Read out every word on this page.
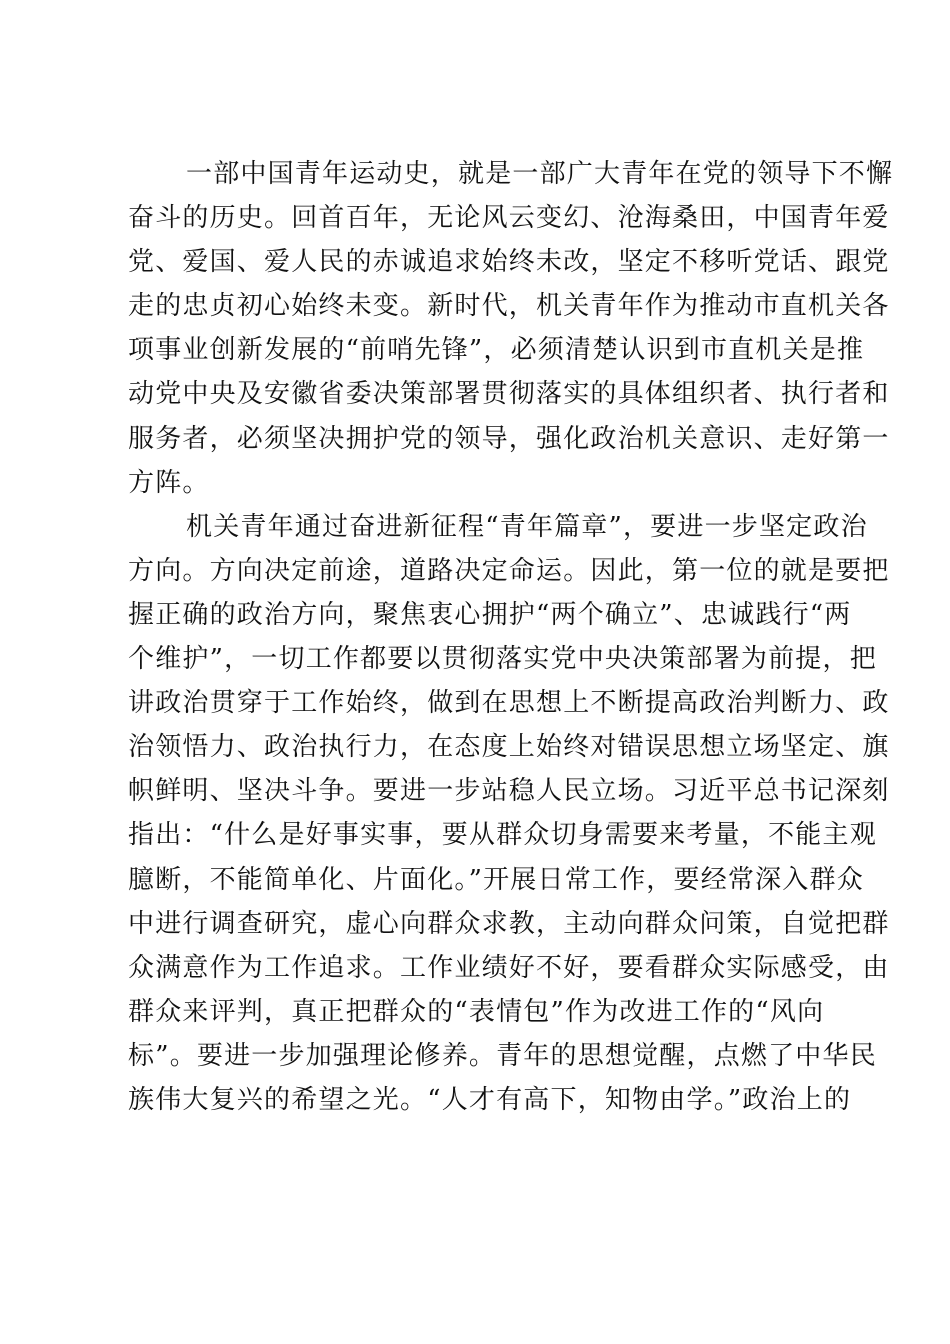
一部中国青年运动史，就是一部广大青年在党的领导下不懈
奋斗的历史。回首百年，无论风云变幻、沧海桑田，中国青年爱
党、爱国、爱人民的赤诚追求始终未改，坚定不移听党话、跟党
走的忠贞初心始终未变。新时代，机关青年作为推动市直机关各
项事业创新发展的“前哨先锋”，必须清楚认识到市直机关是推
动党中央及安徽省委决策部署贯彻落实的具体组织者、执行者和
服务者，必须坚决拥护党的领导，强化政治机关意识、走好第一
方阵。
机关青年通过奋进新征程“青年篇章”，要进一步坚定政治
方向。方向决定前途，道路决定命运。因此，第一位的就是要把
握正确的政治方向，聚焦衷心拥护“两个确立”、忠诚践行“两
个维护”，一切工作都要以贯彻落实党中央决策部署为前提，把
讲政治贯穿于工作始终，做到在思想上不断提高政治判断力、政
治领悟力、政治执行力，在态度上始终对错误思想立场坚定、旗
帜鲜明、坚决斗争。要进一步站稳人民立场。习近平总书记深刻
指出：“什么是好事实事，要从群众切身需要来考量，不能主观
臆断，不能简单化、片面化。”开展日常工作，要经常深入群众
中进行调查研究，虚心向群众求教，主动向群众问策，自觉把群
众满意作为工作追求。工作业绩好不好，要看群众实际感受，由
群众来评判，真正把群众的“表情包”作为改进工作的“风向
标”。要进一步加强理论修养。青年的思想觉醒，点燃了中华民
族伟大复兴的希望之光。“人才有高下，知物由学。”政治上的
